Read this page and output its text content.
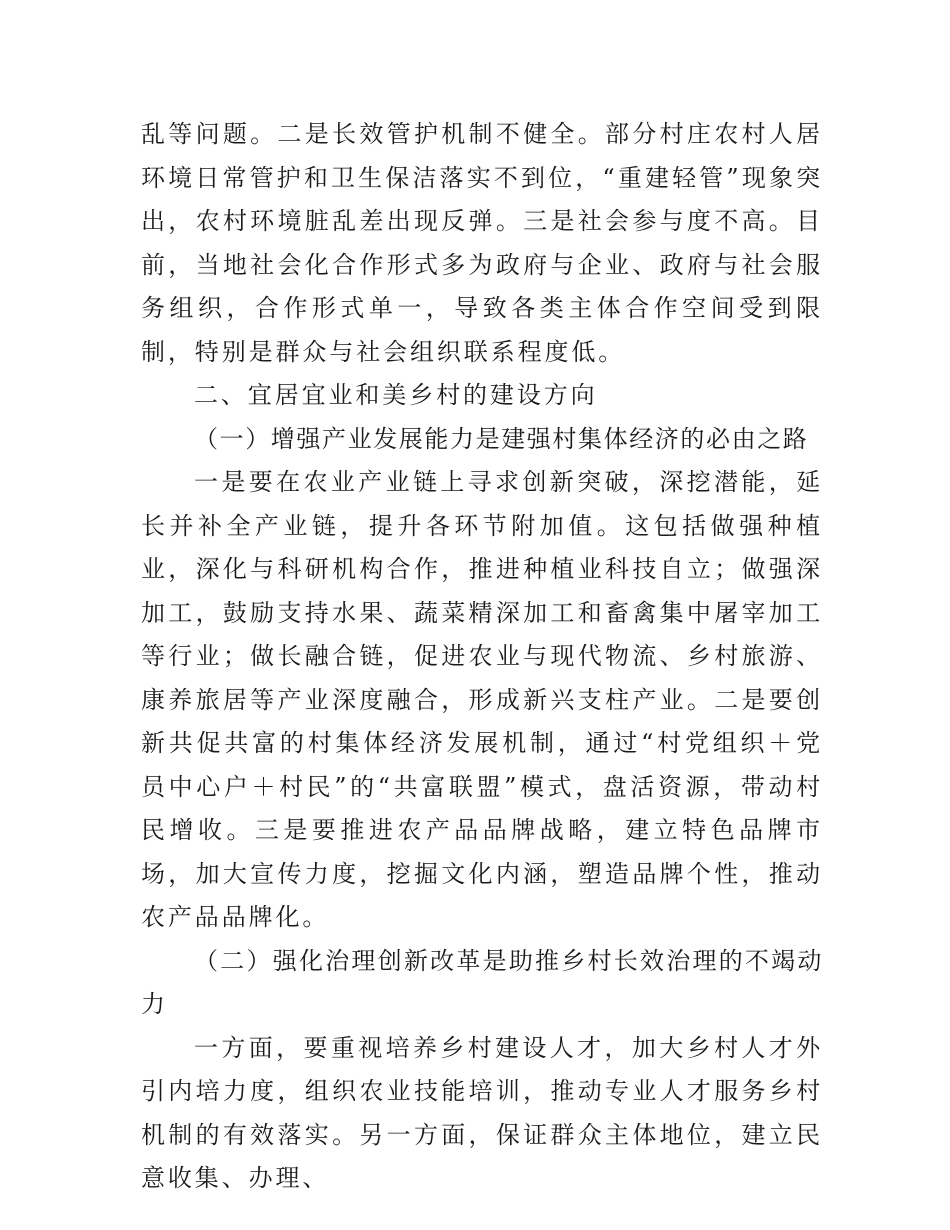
乱等问题。二是长效管护机制不健全。部分村庄农村人居环境日常管护和卫生保洁落实不到位，“重建轻管”现象突出，农村环境脏乱差出现反弹。三是社会参与度不高。目前，当地社会化合作形式多为政府与企业、政府与社会服务组织，合作形式单一，导致各类主体合作空间受到限制，特别是群众与社会组织联系程度低。

二、宜居宜业和美乡村的建设方向

（一）增强产业发展能力是建强村集体经济的必由之路

一是要在农业产业链上寻求创新突破，深挖潜能，延长并补全产业链，提升各环节附加值。这包括做强种植业，深化与科研机构合作，推进种植业科技自立；做强深加工，鼓励支持水果、蔬菜精深加工和畜禽集中屠宰加工等行业；做长融合链，促进农业与现代物流、乡村旅游、康养旅居等产业深度融合，形成新兴支柱产业。二是要创新共促共富的村集体经济发展机制，通过“村党组织＋党员中心户＋村民”的“共富联盟”模式，盘活资源，带动村民增收。三是要推进农产品品牌战略，建立特色品牌市场，加大宣传力度，挖掘文化内涵，塑造品牌个性，推动农产品品牌化。

（二）强化治理创新改革是助推乡村长效治理的不竭动力

一方面，要重视培养乡村建设人才，加大乡村人才外引内培力度，组织农业技能培训，推动专业人才服务乡村机制的有效落实。另一方面，保证群众主体地位，建立民意收集、办理、
